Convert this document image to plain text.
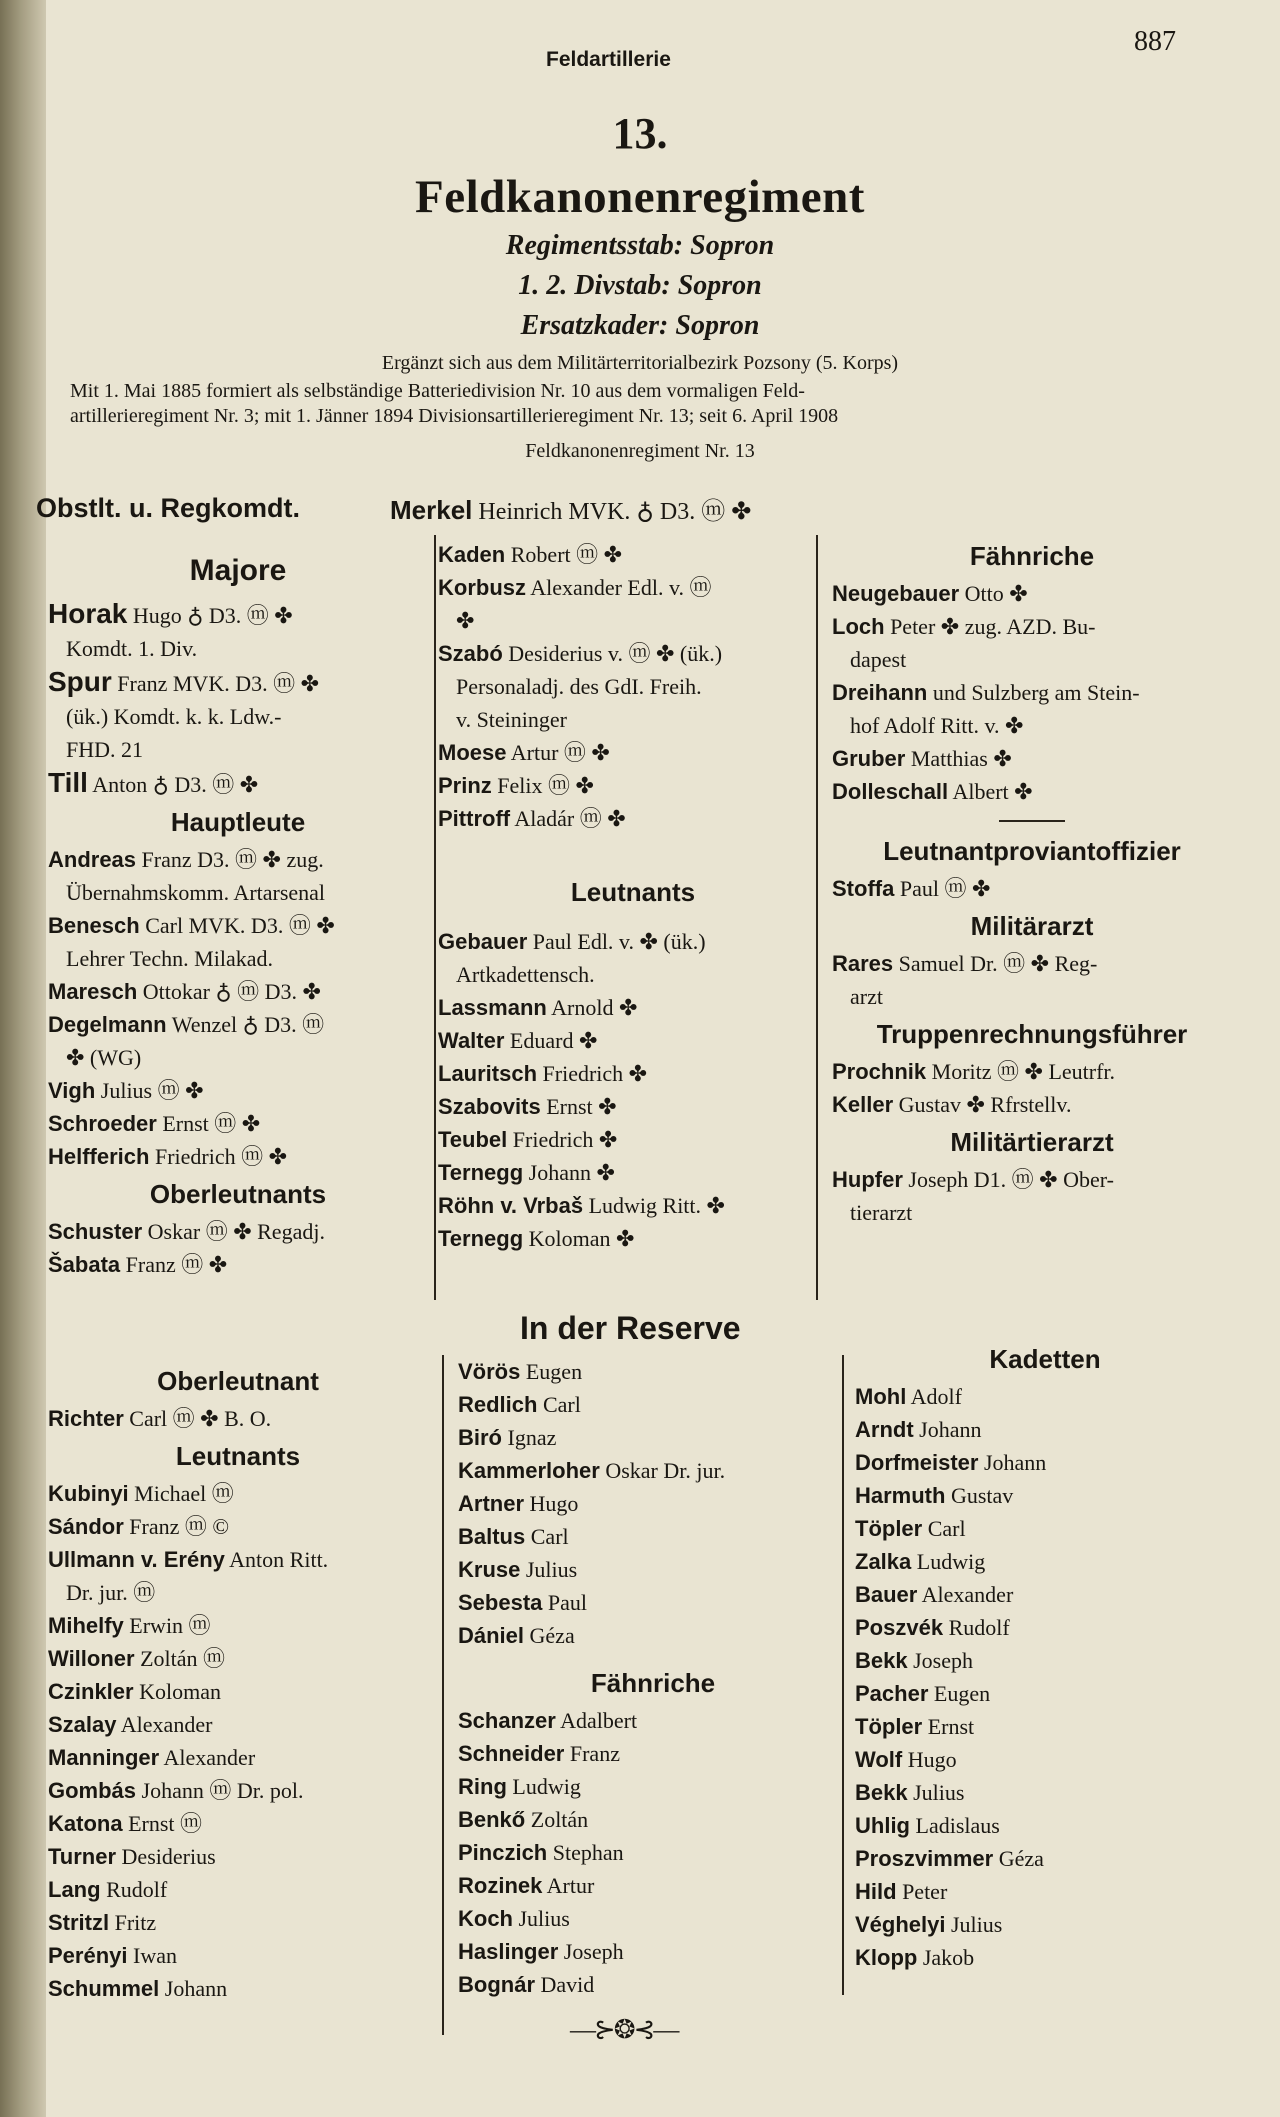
Feldartillerie
887
13.
Feldkanonenregiment
Regimentsstab: Sopron
1. 2. Divstab: Sopron
Ersatzkader: Sopron
Ergänzt sich aus dem Militärterritorialbezirk Pozsony (5. Korps)
Mit 1. Mai 1885 formiert als selbständige Batteriedivision Nr. 10 aus dem vormaligen Feld-
artillerieregiment Nr. 3; mit 1. Jänner 1894 Divisionsartillerieregiment Nr. 13; seit 6. April 1908
Feldkanonenregiment Nr. 13
Obstlt. u. Regkomdt.	Merkel Heinrich MVK. ♁ D3. ⓜ ✤
Majore
Horak Hugo ♁ D3. ⓜ ✤
Komdt. 1. Div.
Spur Franz MVK. D3. ⓜ ✤
(ük.) Komdt. k. k. Ldw.-
FHD. 21
Till Anton ♁ D3. ⓜ ✤
Hauptleute
Andreas Franz D3. ⓜ ✤ zug.
Übernahmskomm. Artarsenal
Benesch Carl MVK. D3. ⓜ ✤
Lehrer Techn. Milakad.
Maresch Ottokar ♁ ⓜ D3. ✤
Degelmann Wenzel ♁ D3. ⓜ
✤ (WG)
Vigh Julius ⓜ ✤
Schroeder Ernst ⓜ ✤
Helfferich Friedrich ⓜ ✤
Oberleutnants
Schuster Oskar ⓜ ✤ Regadj.
Šabata Franz ⓜ ✤
Kaden Robert ⓜ ✤
Korbusz Alexander Edl. v. ⓜ
✤
Szabó Desiderius v. ⓜ ✤ (ük.)
Personaladj. des GdI. Freih.
v. Steininger
Moese Artur ⓜ ✤
Prinz Felix ⓜ ✤
Pittroff Aladár ⓜ ✤
Leutnants
Gebauer Paul Edl. v. ✤ (ük.)
Artkadettensch.
Lassmann Arnold ✤
Walter Eduard ✤
Lauritsch Friedrich ✤
Szabovits Ernst ✤
Teubel Friedrich ✤
Ternegg Johann ✤
Röhn v. Vrbaš Ludwig Ritt. ✤
Ternegg Koloman ✤
Fähnriche
Neugebauer Otto ✤
Loch Peter ✤ zug. AZD. Bu-
dapest
Dreihann und Sulzberg am Stein-
hof Adolf Ritt. v. ✤
Gruber Matthias ✤
Dolleschall Albert ✤
Leutnantproviantoffizier
Stoffa Paul ⓜ ✤
Militärarzt
Rares Samuel Dr. ⓜ ✤ Reg-
arzt
Truppenrechnungsführer
Prochnik Moritz ⓜ ✤ Leutrfr.
Keller Gustav ✤ Rfrstellv.
Militärtierarzt
Hupfer Joseph D1. ⓜ ✤ Ober-
tierarzt
In der Reserve
Oberleutnant
Richter Carl ⓜ ✤ B. O.
Leutnants
Kubinyi Michael ⓜ
Sándor Franz ⓜ ©
Ullmann v. Erény Anton Ritt.
Dr. jur. ⓜ
Mihelfy Erwin ⓜ
Willoner Zoltán ⓜ
Czinkler Koloman
Szalay Alexander
Manninger Alexander
Gombás Johann ⓜ Dr. pol.
Katona Ernst ⓜ
Turner Desiderius
Lang Rudolf
Stritzl Fritz
Perényi Iwan
Schummel Johann
Vörös Eugen
Redlich Carl
Biró Ignaz
Kammerloher Oskar Dr. jur.
Artner Hugo
Baltus Carl
Kruse Julius
Sebesta Paul
Dániel Géza
Fähnriche
Schanzer Adalbert
Schneider Franz
Ring Ludwig
Benkő Zoltán
Pinczich Stephan
Rozinek Artur
Koch Julius
Haslinger Joseph
Bognár David
Kadetten
Mohl Adolf
Arndt Johann
Dorfmeister Johann
Harmuth Gustav
Töpler Carl
Zalka Ludwig
Bauer Alexander
Poszvék Rudolf
Bekk Joseph
Pacher Eugen
Töpler Ernst
Wolf Hugo
Bekk Julius
Uhlig Ladislaus
Proszvimmer Géza
Hild Peter
Véghelyi Julius
Klopp Jakob
—⊱❂⊰—
